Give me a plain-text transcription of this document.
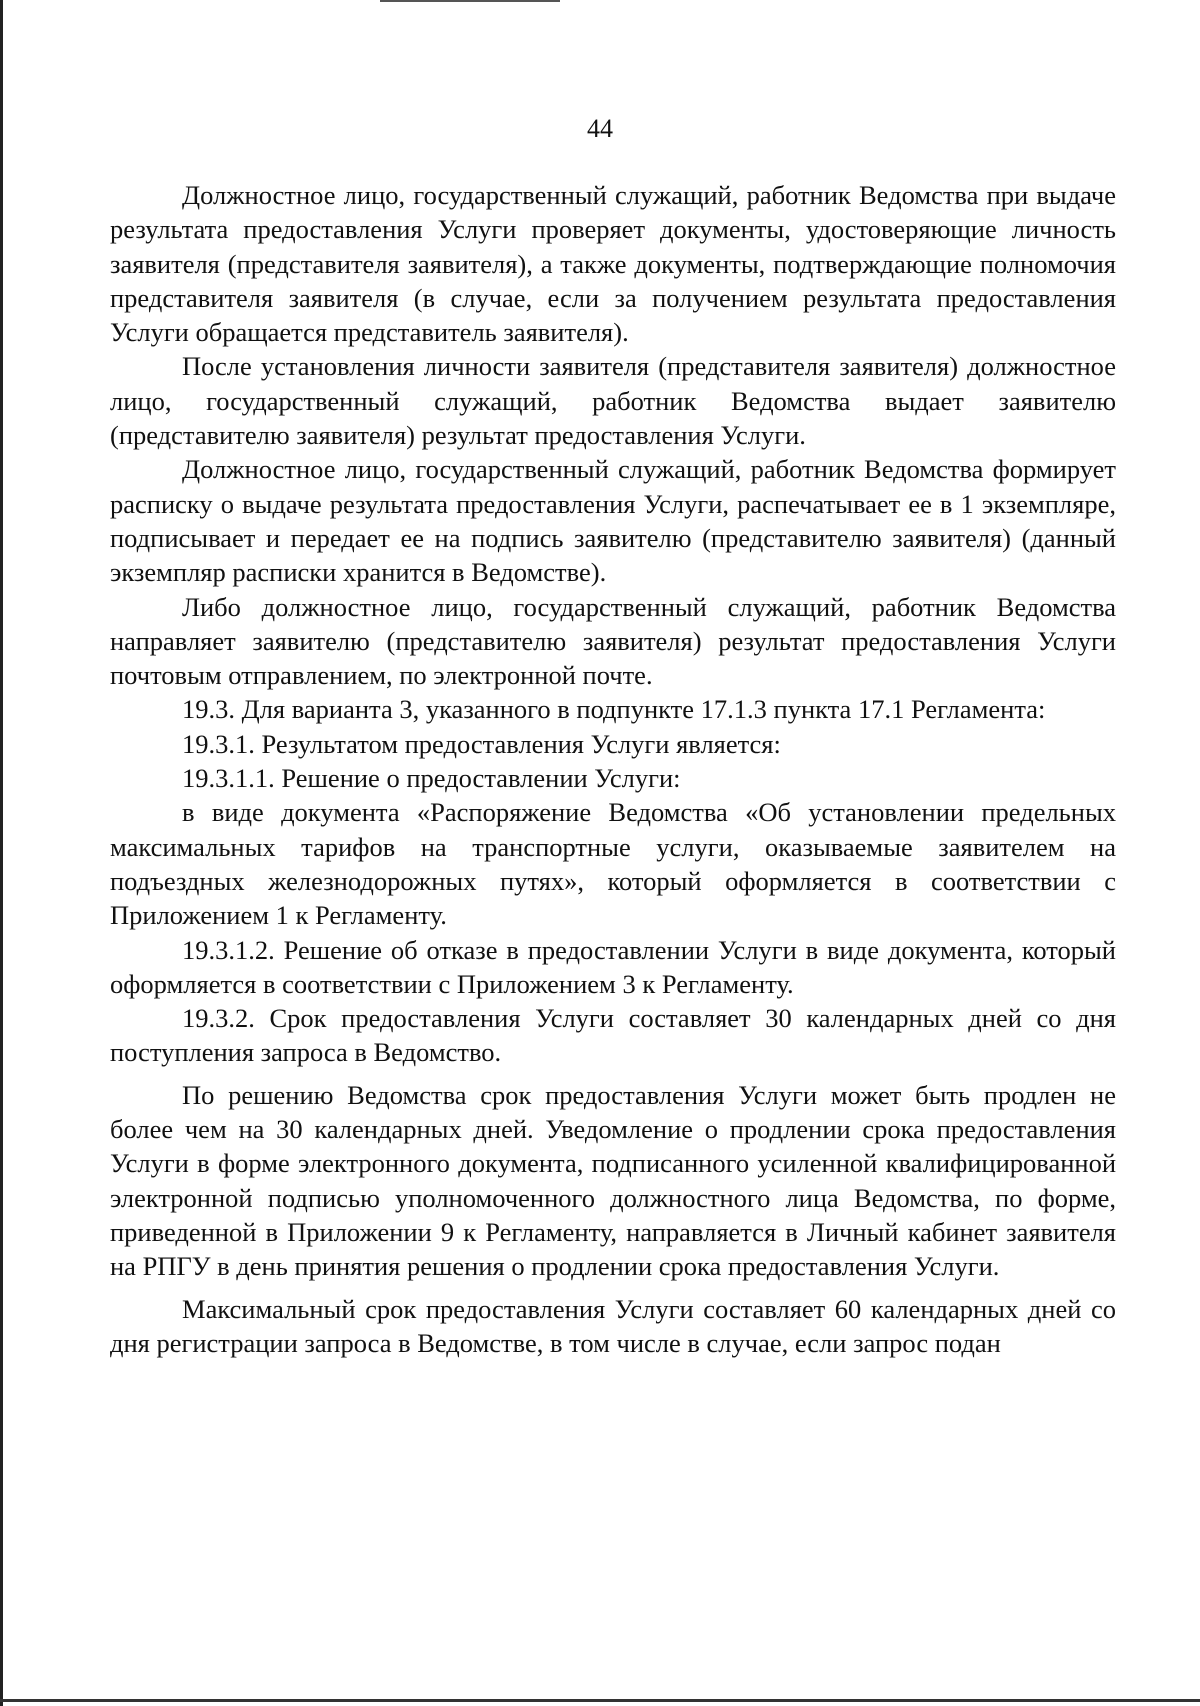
44

Должностное лицо, государственный служащий, работник Ведомства при выдаче результата предоставления Услуги проверяет документы, удостоверяющие личность заявителя (представителя заявителя), а также документы, подтверждающие полномочия представителя заявителя (в случае, если за получением результата предоставления Услуги обращается представитель заявителя).

После установления личности заявителя (представителя заявителя) должностное лицо, государственный служащий, работник Ведомства выдает заявителю (представителю заявителя) результат предоставления Услуги.

Должностное лицо, государственный служащий, работник Ведомства формирует расписку о выдаче результата предоставления Услуги, распечатывает ее в 1 экземпляре, подписывает и передает ее на подпись заявителю (представителю заявителя) (данный экземпляр расписки хранится в Ведомстве).

Либо должностное лицо, государственный служащий, работник Ведомства направляет заявителю (представителю заявителя) результат предоставления Услуги почтовым отправлением, по электронной почте.

19.3. Для варианта 3, указанного в подпункте 17.1.3 пункта 17.1 Регламента:

19.3.1. Результатом предоставления Услуги является:

19.3.1.1. Решение о предоставлении Услуги:

в виде документа «Распоряжение Ведомства «Об установлении предельных максимальных тарифов на транспортные услуги, оказываемые заявителем на подъездных железнодорожных путях», который оформляется в соответствии с Приложением 1 к Регламенту.

19.3.1.2. Решение об отказе в предоставлении Услуги в виде документа, который оформляется в соответствии с Приложением 3 к Регламенту.

19.3.2. Срок предоставления Услуги составляет 30 календарных дней со дня поступления запроса в Ведомство.

По решению Ведомства срок предоставления Услуги может быть продлен не более чем на 30 календарных дней. Уведомление о продлении срока предоставления Услуги в форме электронного документа, подписанного усиленной квалифицированной электронной подписью уполномоченного должностного лица Ведомства, по форме, приведенной в Приложении 9 к Регламенту, направляется в Личный кабинет заявителя на РПГУ в день принятия решения о продлении срока предоставления Услуги.

Максимальный срок предоставления Услуги составляет 60 календарных дней со дня регистрации запроса в Ведомстве, в том числе в случае, если запрос подан
